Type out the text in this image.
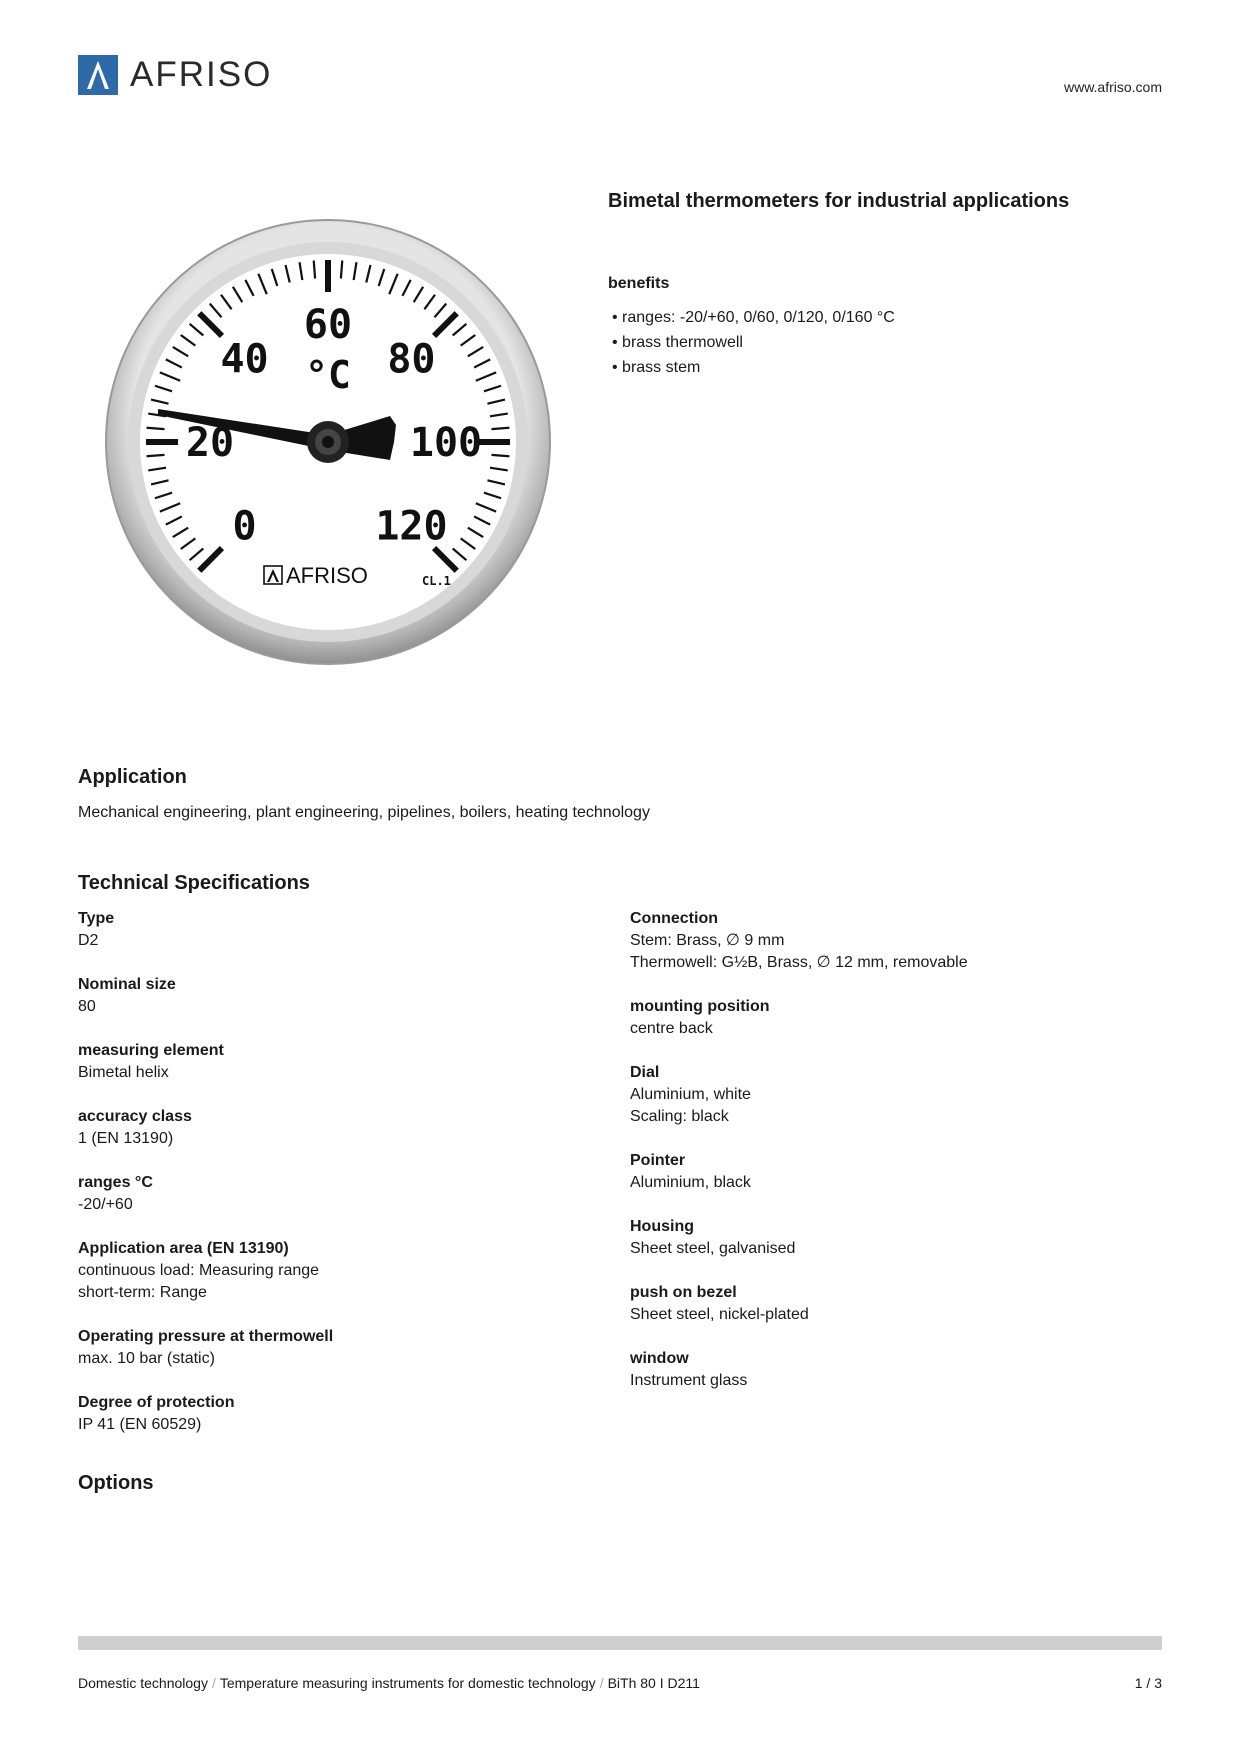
AFRISO	www.afriso.com
0
20
40
60
80
100
120
°C
AFRISO	CL.1
Bimetal thermometers for industrial applications
benefits
• ranges: -20/+60, 0/60, 0/120, 0/160 °C
• brass thermowell
• brass stem
Application
Mechanical engineering, plant engineering, pipelines, boilers, heating technology
Technical Specifications
Type
D2
Nominal size
80
measuring element
Bimetal helix
accuracy class
1 (EN 13190)
ranges °C
-20/+60
Application area (EN 13190)
continuous load: Measuring range
short-term: Range
Operating pressure at thermowell
max. 10 bar (static)
Degree of protection
IP 41 (EN 60529)
Connection
Stem: Brass, ∅ 9 mm
Thermowell: G½B, Brass, ∅ 12 mm, removable
mounting position
centre back
Dial
Aluminium, white
Scaling: black
Pointer
Aluminium, black
Housing
Sheet steel, galvanised
push on bezel
Sheet steel, nickel-plated
window
Instrument glass
Options
Domestic technology / Temperature measuring instruments for domestic technology / BiTh 80 I D211	1 / 3
